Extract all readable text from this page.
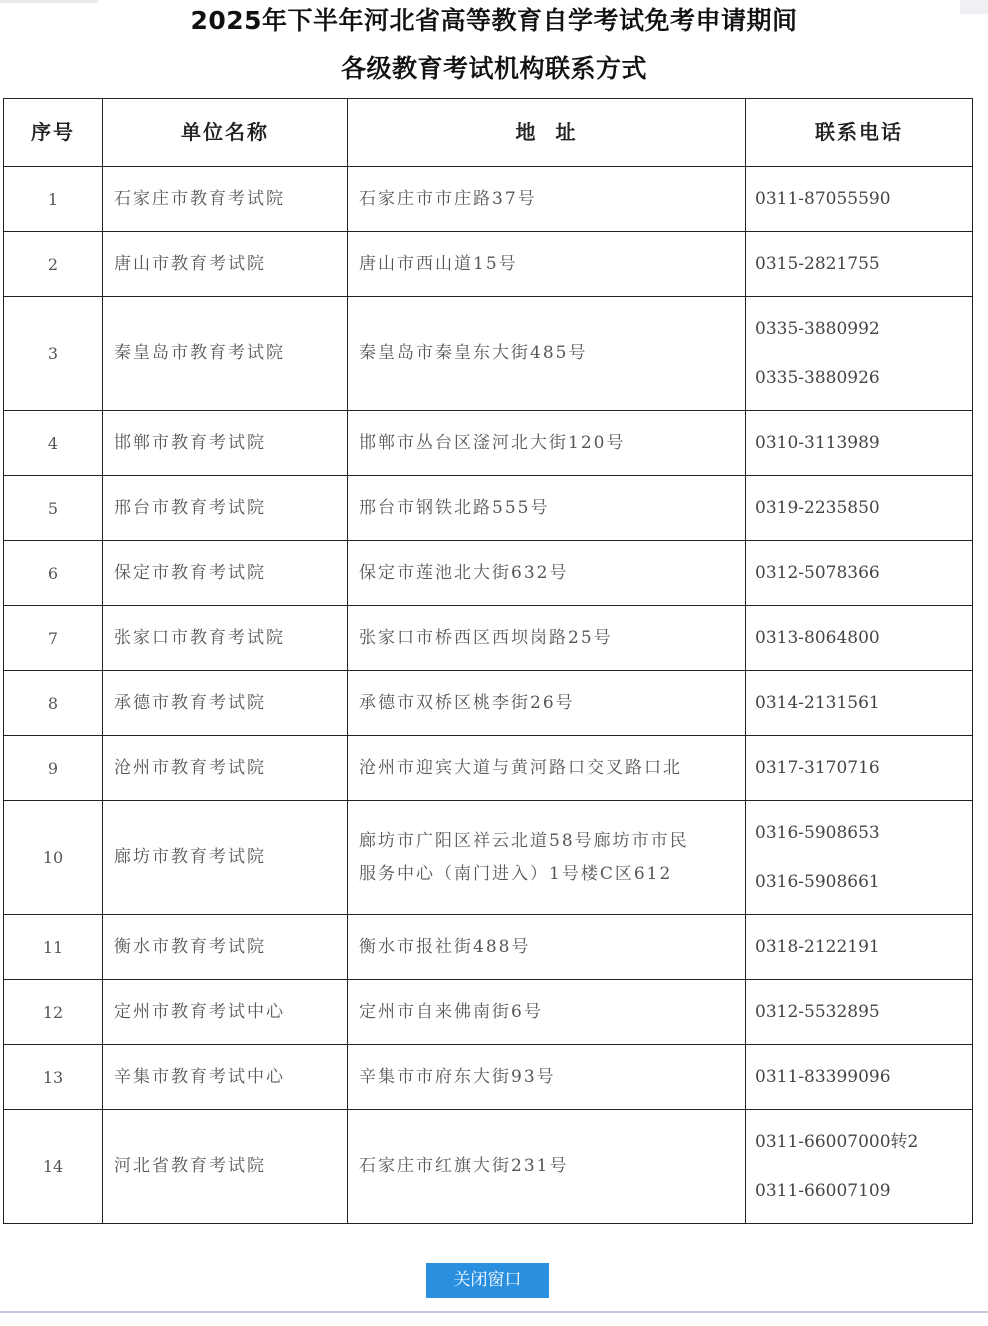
2025年下半年河北省高等教育自学考试免考申请期间
各级教育考试机构联系方式
序号	单位名称	地  址	联系电话
1	石家庄市教育考试院	石家庄市市庄路37号	0311-87055590

2	唐山市教育考试院	唐山市西山道15号	0315-2821755

3	秦皇岛市教育考试院	秦皇岛市秦皇东大街485号	0335-3880992
0335-3880926

4	邯郸市教育考试院	邯郸市丛台区滏河北大街120号	0310-3113989

5	邢台市教育考试院	邢台市钢铁北路555号	0319-2235850

6	保定市教育考试院	保定市莲池北大街632号	0312-5078366

7	张家口市教育考试院	张家口市桥西区西坝岗路25号	0313-8064800

8	承德市教育考试院	承德市双桥区桃李街26号	0314-2131561

9	沧州市教育考试院	沧州市迎宾大道与黄河路口交叉路口北	0317-3170716

10	廊坊市教育考试院	廊坊市广阳区祥云北道58号廊坊市市民
服务中心（南门进入）1号楼C区612	0316-5908653
0316-5908661

11	衡水市教育考试院	衡水市报社街488号	0318-2122191

12	定州市教育考试中心	定州市自来佛南街6号	0312-5532895

13	辛集市教育考试中心	辛集市市府东大街93号	0311-83399096

14	河北省教育考试院	石家庄市红旗大街231号	0311-66007000转2
0311-66007109
关闭窗口
